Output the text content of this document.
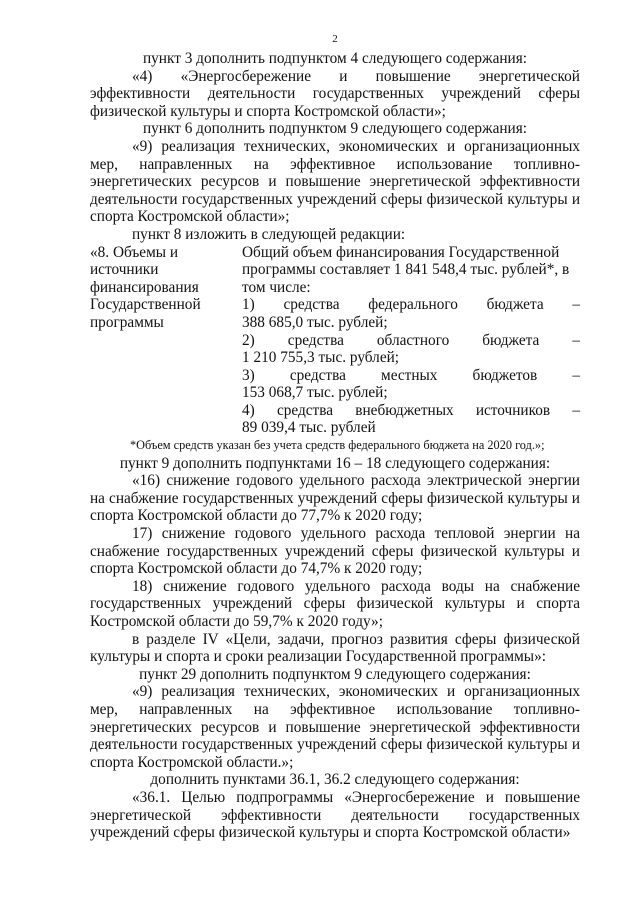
2

пункт 3 дополнить подпунктом 4 следующего содержания:

«4) «Энергосбережение и повышение энергетической эффективности деятельности государственных учреждений сферы физической культуры и спорта Костромской области»;

пункт 6 дополнить подпунктом 9 следующего содержания:

«9) реализация технических, экономических и организационных мер, направленных на эффективное использование топливно-энергетических ресурсов и повышение энергетической эффективности деятельности государственных учреждений сферы физической культуры и спорта Костромской области»;

пункт 8 изложить в следующей редакции:

«8. Объемы и
источники
финансирования
Государственной
программы
Общий объем финансирования Государственной программы составляет 1 841 548,4 тыс. рублей*, в том числе:
1) средства федерального бюджета –
388 685,0 тыс. рублей;
2) средства областного бюджета –
1 210 755,3 тыс. рублей;
3) средства местных бюджетов –
153 068,7 тыс. рублей;
4) средства внебюджетных источников –
89 039,4 тыс. рублей

*Объем средств указан без учета средств федерального бюджета на 2020 год.»;

пункт 9 дополнить подпунктами 16 – 18 следующего содержания:

«16) снижение годового удельного расхода электрической энергии на снабжение государственных учреждений сферы физической культуры и спорта Костромской области до 77,7% к 2020 году;

17) снижение годового удельного расхода тепловой энергии на снабжение государственных учреждений сферы физической культуры и спорта Костромской области до 74,7% к 2020 году;

18) снижение годового удельного расхода воды на снабжение государственных учреждений сферы физической культуры и спорта Костромской области до 59,7% к 2020 году»;

в разделе IV «Цели, задачи, прогноз развития сферы физической культуры и спорта и сроки реализации Государственной программы»:

пункт 29 дополнить подпунктом 9 следующего содержания:

«9) реализация технических, экономических и организационных мер, направленных на эффективное использование топливно-энергетических ресурсов и повышение энергетической эффективности деятельности государственных учреждений сферы физической культуры и спорта Костромской области.»;

дополнить пунктами 36.1, 36.2 следующего содержания:

«36.1. Целью подпрограммы «Энергосбережение и повышение энергетической эффективности деятельности государственных учреждений сферы физической культуры и спорта Костромской области»
